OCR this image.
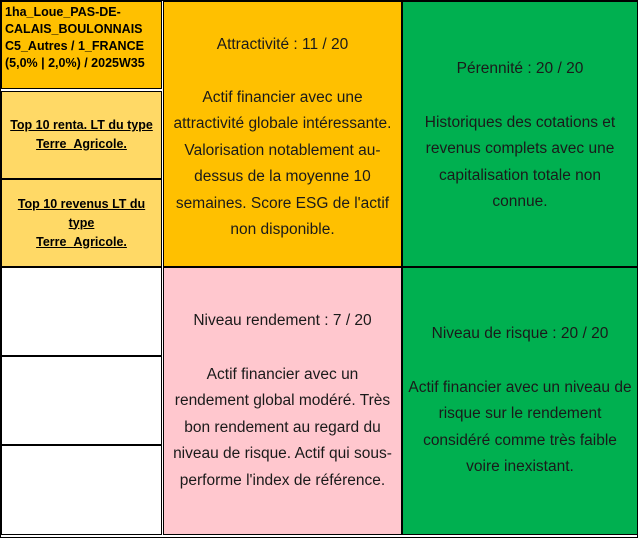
1ha_Loue_PAS-DE-
CALAIS_BOULONNAIS
C5_Autres / 1_FRANCE
(5,0% | 2,0%) / 2025W35
Top 10 renta. LT du type
Terre_Agricole.
Top 10 revenus LT du type
Terre_Agricole.
Attractivité : 11 / 20
Actif financier avec une
attractivité globale intéressante.
Valorisation notablement au-
dessus de la moyenne 10
semaines. Score ESG de l'actif
non disponible.
Pérennité : 20 / 20
Historiques des cotations et
revenus complets avec une
capitalisation totale non
connue.
Niveau rendement : 7 / 20
Actif financier avec un
rendement global modéré. Très
bon rendement au regard du
niveau de risque. Actif qui sous-
performe l'index de référence.
Niveau de risque : 20 / 20
Actif financier avec un niveau de
risque sur le rendement
considéré comme très faible
voire inexistant.
